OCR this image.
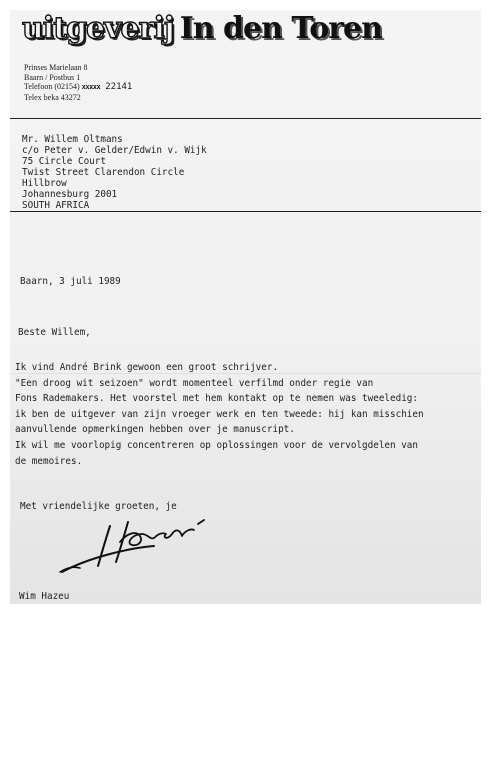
uitgeverij In den Toren
Prinses Marielaan 8
Baarn / Postbus 1
Telefoon (02154) xxxxx 22141
Telex beka 43272
Mr. Willem Oltmans
c/o Peter v. Gelder/Edwin v. Wijk
75 Circle Court
Twist Street Clarendon Circle
Hillbrow
Johannesburg 2001
SOUTH AFRICA
Baarn, 3 juli 1989
Beste Willem,
Ik vind André Brink gewoon een groot schrijver.
"Een droog wit seizoen" wordt momenteel verfilmd onder regie van
Fons Rademakers. Het voorstel met hem kontakt op te nemen was tweeledig:
ik ben de uitgever van zijn vroeger werk en ten tweede: hij kan misschien
aanvullende opmerkingen hebben over je manuscript.
Ik wil me voorlopig concentreren op oplossingen voor de vervolgdelen van
de memoires.
Met vriendelijke groeten, je
Wim Hazeu
